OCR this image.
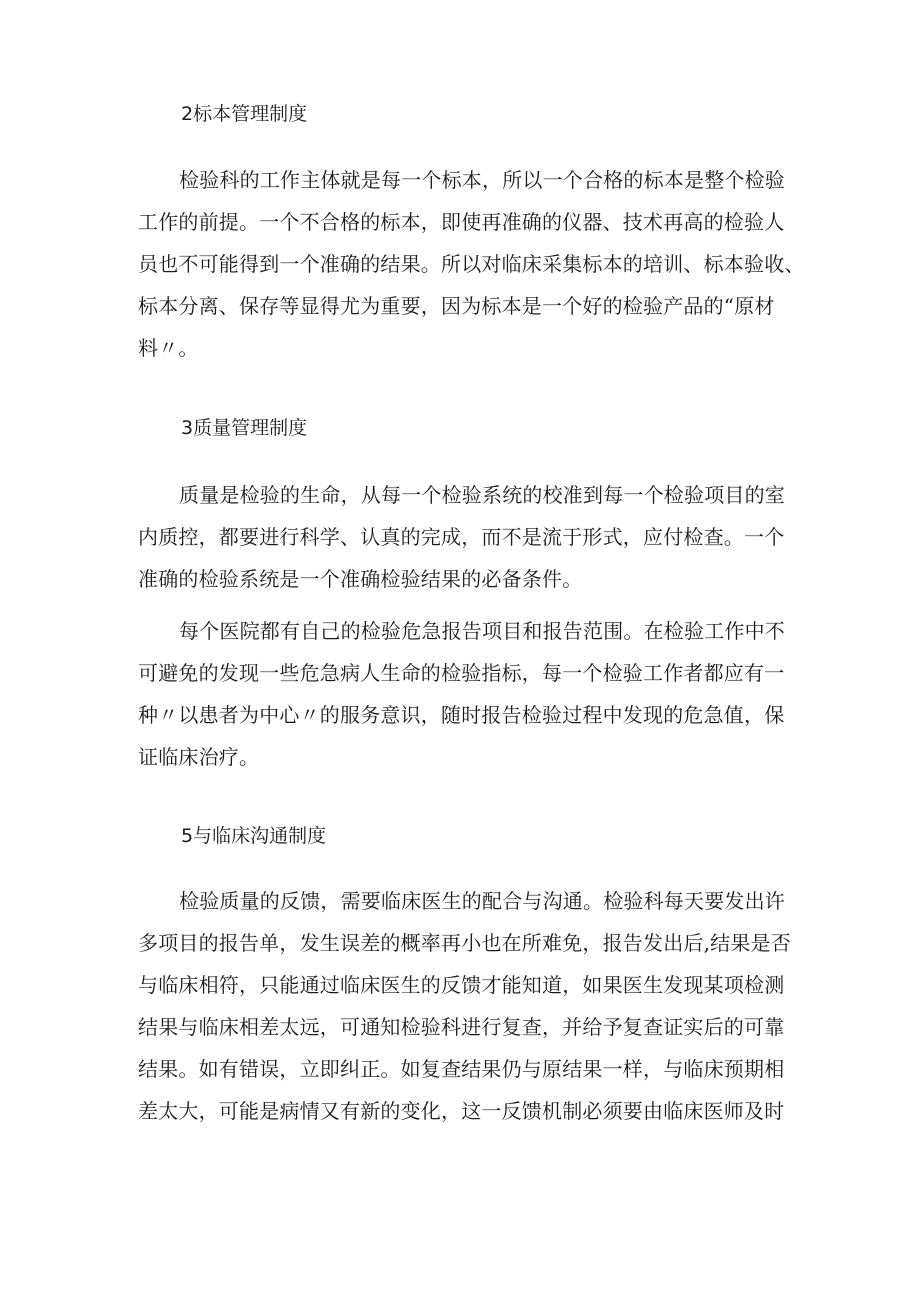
2标本管理制度
检验科的工作主体就是每一个标本，所以一个合格的标本是整个检验
工作的前提。一个不合格的标本，即使再准确的仪器、技术再高的检验人
员也不可能得到一个准确的结果。所以对临床采集标本的培训、标本验收、
标本分离、保存等显得尤为重要，因为标本是一个好的检验产品的“原材
料〃。
3质量管理制度
质量是检验的生命，从每一个检验系统的校准到每一个检验项目的室
内质控，都要进行科学、认真的完成，而不是流于形式，应付检查。一个
准确的检验系统是一个准确检验结果的必备条件。
每个医院都有自己的检验危急报告项目和报告范围。在检验工作中不
可避免的发现一些危急病人生命的检验指标，每一个检验工作者都应有一
种〃以患者为中心〃的服务意识，随时报告检验过程中发现的危急值，保
证临床治疗。
5与临床沟通制度
检验质量的反馈，需要临床医生的配合与沟通。检验科每天要发出许
多项目的报告单，发生误差的概率再小也在所难免，报告发出后,结果是否
与临床相符，只能通过临床医生的反馈才能知道，如果医生发现某项检测
结果与临床相差太远，可通知检验科进行复查，并给予复查证实后的可靠
结果。如有错误，立即纠正。如复查结果仍与原结果一样，与临床预期相
差太大，可能是病情又有新的变化，这一反馈机制必须要由临床医师及时
